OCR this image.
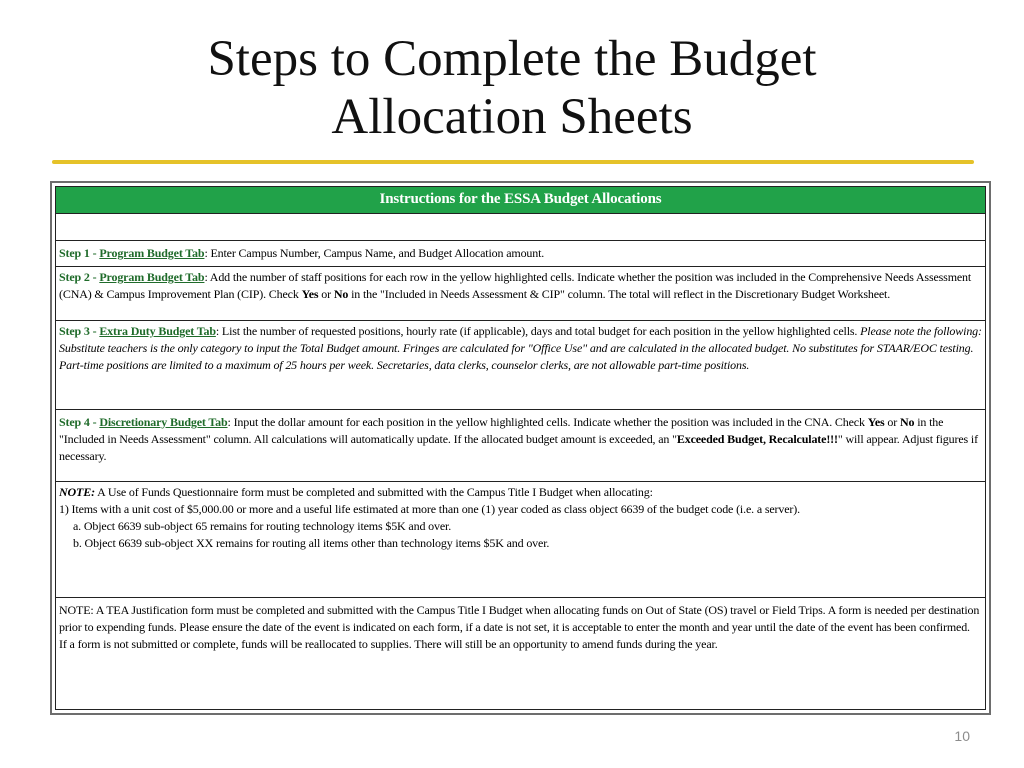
Steps to Complete the Budget
Allocation Sheets
Instructions for the ESSA Budget Allocations
Step 1 - Program Budget Tab: Enter Campus Number, Campus Name, and Budget Allocation amount.
Step 2 - Program Budget Tab: Add the number of staff positions for each row in the yellow highlighted cells. Indicate whether the position was included in the Comprehensive Needs Assessment (CNA) & Campus Improvement Plan (CIP). Check Yes or No in the "Included in Needs Assessment & CIP" column. The total will reflect in the Discretionary Budget Worksheet.
Step 3 - Extra Duty Budget Tab: List the number of requested positions, hourly rate (if applicable), days and total budget for each position in the yellow highlighted cells. Please note the following: Substitute teachers is the only category to input the Total Budget amount. Fringes are calculated for "Office Use" and are calculated in the allocated budget. No substitutes for STAAR/EOC testing. Part-time positions are limited to a maximum of 25 hours per week. Secretaries, data clerks, counselor clerks, are not allowable part-time positions.
Step 4 - Discretionary Budget Tab: Input the dollar amount for each position in the yellow highlighted cells. Indicate whether the position was included in the CNA. Check Yes or No in the "Included in Needs Assessment" column. All calculations will automatically update. If the allocated budget amount is exceeded, an "Exceeded Budget, Recalculate!!!" will appear. Adjust figures if necessary.
NOTE: A Use of Funds Questionnaire form must be completed and submitted with the Campus Title I Budget when allocating:
1) Items with a unit cost of $5,000.00 or more and a useful life estimated at more than one (1) year coded as class object 6639 of the budget code (i.e. a server).
a. Object 6639 sub-object 65 remains for routing technology items $5K and over.
b. Object 6639 sub-object XX remains for routing all items other than technology items $5K and over.
NOTE: A TEA Justification form must be completed and submitted with the Campus Title I Budget when allocating funds on Out of State (OS) travel or Field Trips. A form is needed per destination prior to expending funds. Please ensure the date of the event is indicated on each form, if a date is not set, it is acceptable to enter the month and year until the date of the event has been confirmed.
If a form is not submitted or complete, funds will be reallocated to supplies. There will still be an opportunity to amend funds during the year.
10
